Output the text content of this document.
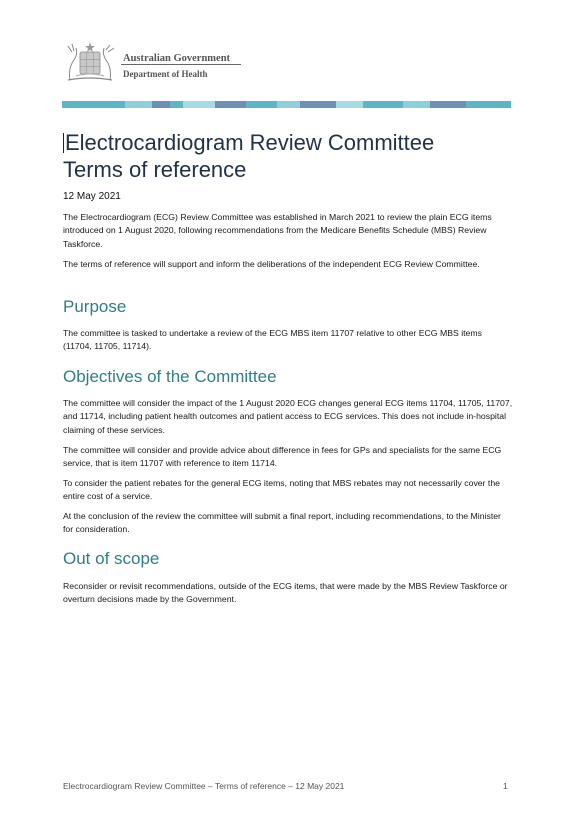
Australian Government
Department of Health
Electrocardiogram Review Committee
Terms of reference
12 May 2021
The Electrocardiogram (ECG) Review Committee was established in March 2021 to review the plain ECG items introduced on 1 August 2020, following recommendations from the Medicare Benefits Schedule (MBS) Review Taskforce.
The terms of reference will support and inform the deliberations of the independent ECG Review Committee.
Purpose
The committee is tasked to undertake a review of the ECG MBS item 11707 relative to other ECG MBS items (11704, 11705, 11714).
Objectives of the Committee
The committee will consider the impact of the 1 August 2020 ECG changes general ECG items 11704, 11705, 11707, and 11714, including patient health outcomes and patient access to ECG services. This does not include in-hospital claiming of these services.
The committee will consider and provide advice about difference in fees for GPs and specialists for the same ECG service, that is item 11707 with reference to item 11714.
To consider the patient rebates for the general ECG items, noting that MBS rebates may not necessarily cover the entire cost of a service.
At the conclusion of the review the committee will submit a final report, including recommendations, to the Minister for consideration.
Out of scope
Reconsider or revisit recommendations, outside of the ECG items, that were made by the MBS Review Taskforce or overturn decisions made by the Government.
Electrocardiogram Review Committee – Terms of reference – 12 May 2021	1
